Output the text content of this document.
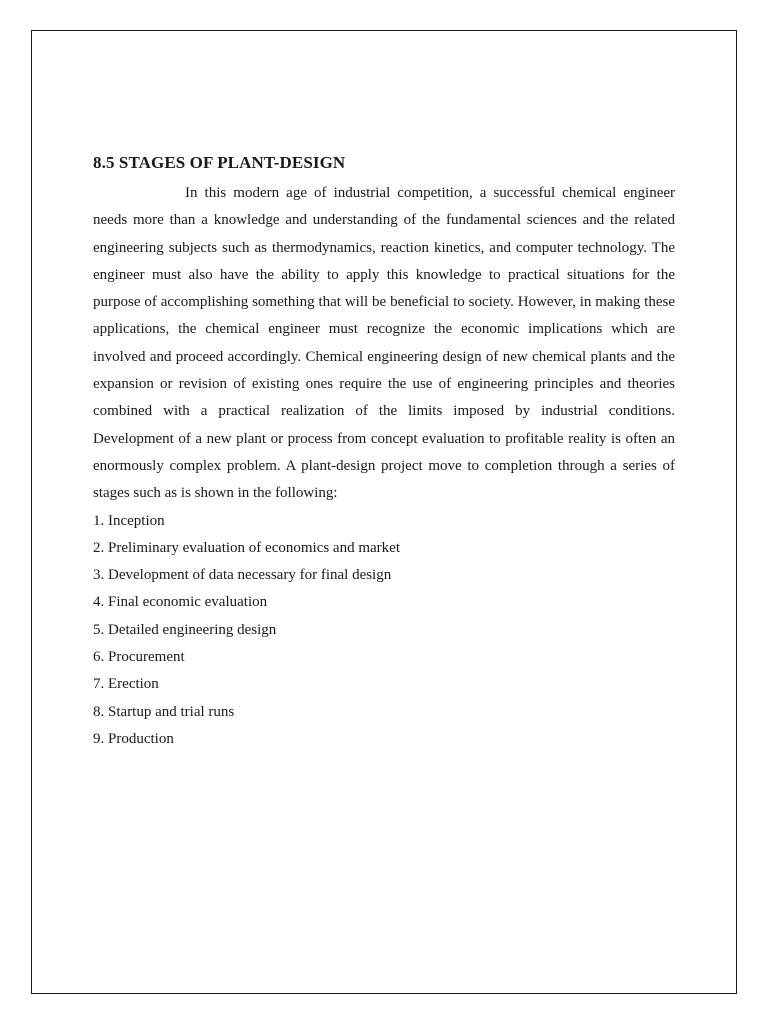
8.5 STAGES OF PLANT-DESIGN

In this modern age of industrial competition, a successful chemical engineer needs more than a knowledge and understanding of the fundamental sciences and the related engineering subjects such as thermodynamics, reaction kinetics, and computer technology. The engineer must also have the ability to apply this knowledge to practical situations for the purpose of accomplishing something that will be beneficial to society. However, in making these applications, the chemical engineer must recognize the economic implications which are involved and proceed accordingly. Chemical engineering design of new chemical plants and the expansion or revision of existing ones require the use of engineering principles and theories combined with a practical realization of the limits imposed by industrial conditions. Development of a new plant or process from concept evaluation to profitable reality is often an enormously complex problem. A plant-design project move to completion through a series of stages such as is shown in the following:

1. Inception
2. Preliminary evaluation of economics and market
3. Development of data necessary for final design
4. Final economic evaluation
5. Detailed engineering design
6. Procurement
7. Erection
8. Startup and trial runs
9. Production
